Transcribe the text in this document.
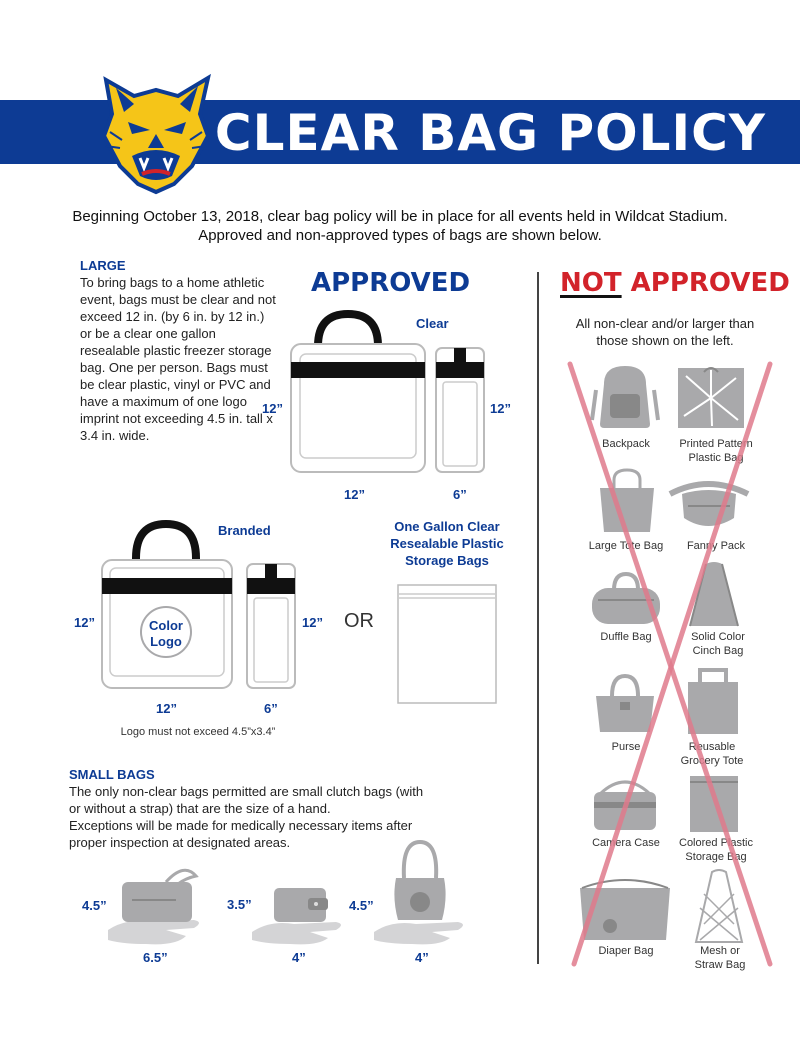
CLEAR BAG POLICY
Beginning October 13, 2018, clear bag policy will be in place for all events held in Wildcat Stadium.
Approved and non-approved types of bags are shown below.
LARGE
To bring bags to a home athletic event, bags must be clear and not exceed 12 in. (by 6 in. by 12 in.) or be a clear one gallon resealable plastic freezer storage bag. One per person. Bags must be clear plastic, vinyl or PVC and have a maximum of one logo imprint not exceeding 4.5 in. tall x 3.4 in. wide.
APPROVED
Clear
12”
12”
12”
6”
Branded
Color
Logo
12”
12”
12”
6”
Logo must not exceed 4.5”x3.4”
OR
One Gallon Clear
Resealable Plastic
Storage Bags
SMALL BAGS
The only non-clear bags permitted are small clutch bags (with
or without a strap) that are the size of a hand.
Exceptions will be made for medically necessary items after
proper inspection at designated areas.
4.5”
6.5”
3.5”
4”
4.5”
4”
NOT APPROVED
All non-clear and/or larger than
those shown on the left.
Backpack	Printed Pattern
Plastic Bag
Large Tote Bag	Fanny Pack
Duffle Bag	Solid Color
Cinch Bag
Purse	Reusable
Grocery Tote
Camera Case	Colored Plastic
Storage Bag
Diaper Bag	Mesh or
Straw Bag
